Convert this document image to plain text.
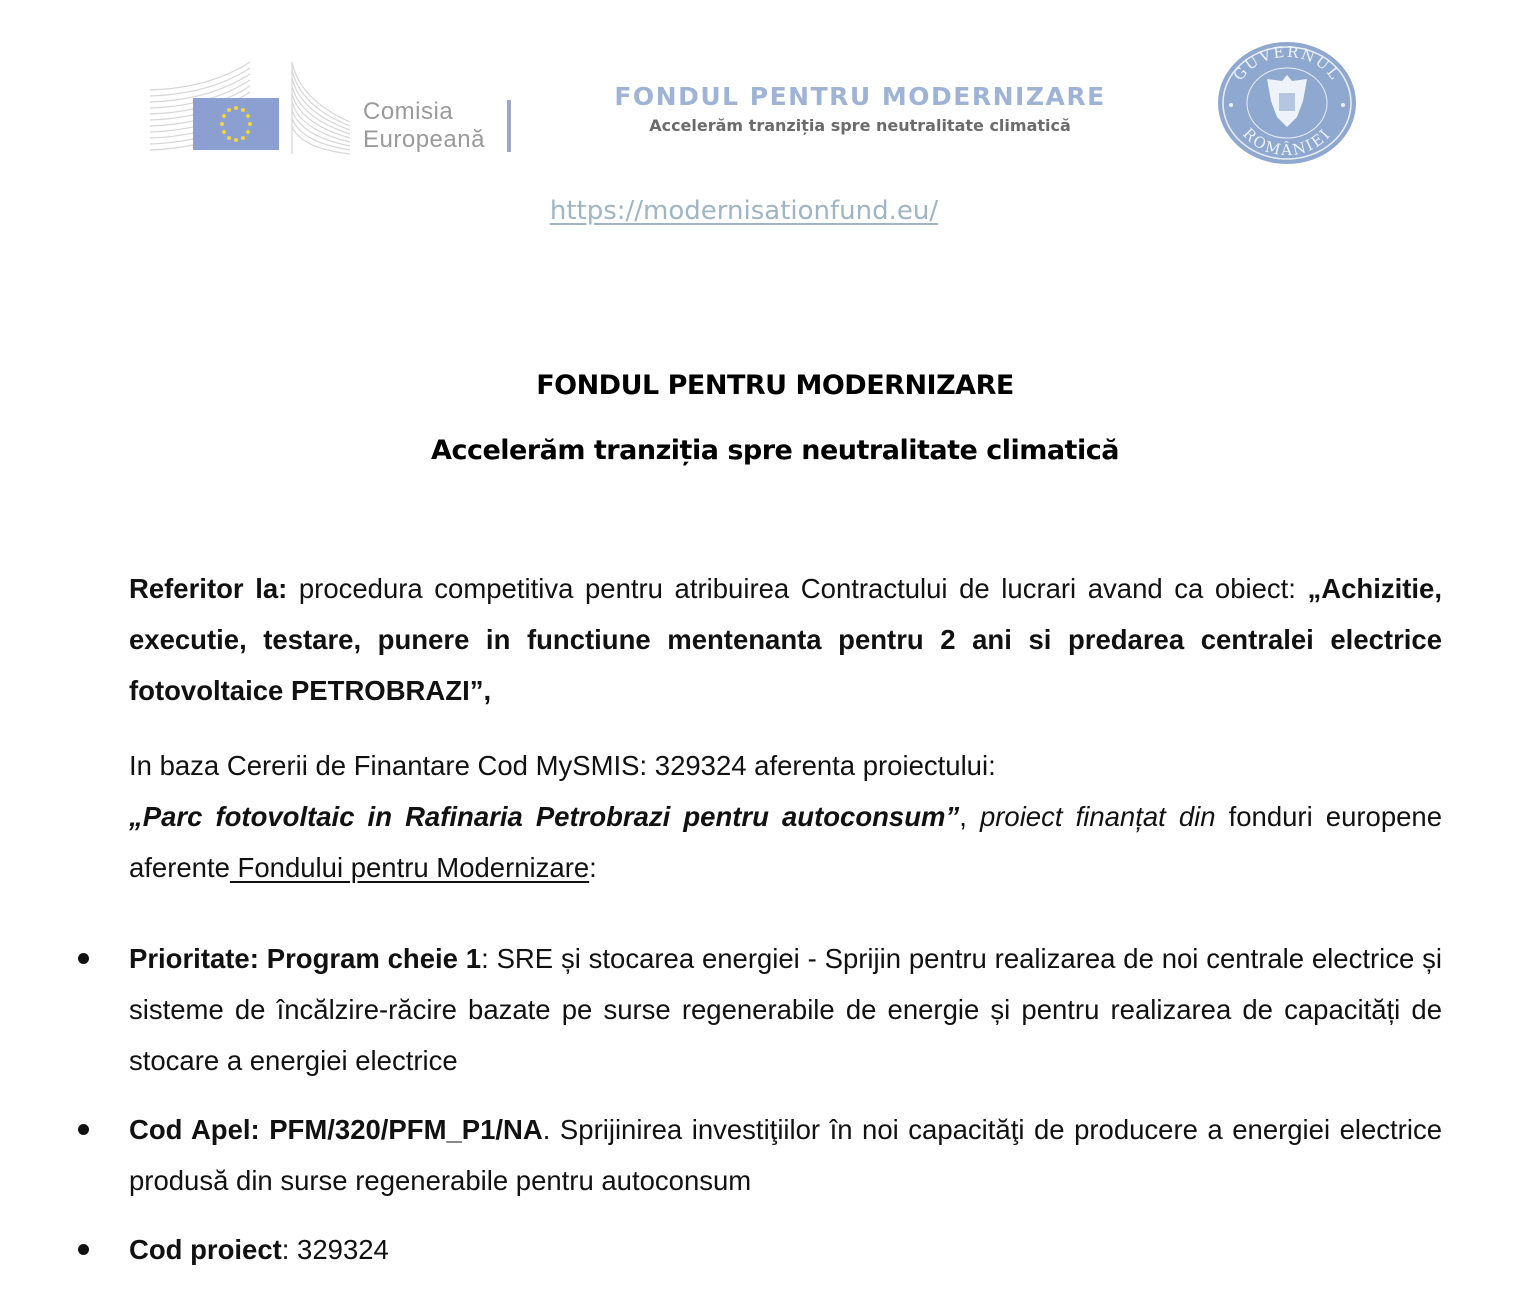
Comisia
Europeană
FONDUL PENTRU MODERNIZARE
Accelerăm tranziția spre neutralitate climatică
GUVERNUL
ROMÂNIEI
https://modernisationfund.eu/
FONDUL PENTRU MODERNIZARE
Accelerăm tranziția spre neutralitate climatică

Referitor la: procedura competitiva pentru atribuirea Contractului de lucrari avand ca obiect: „Achizitie, executie, testare, punere in functiune mentenanta pentru 2 ani si predarea centralei electrice fotovoltaice PETROBRAZI”,

In baza Cererii de Finantare Cod MySMIS: 329324 aferenta proiectului:

„Parc fotovoltaic in Rafinaria Petrobrazi pentru autoconsum”, proiect finanțat din fonduri europene aferente Fondului pentru Modernizare:

Prioritate: Program cheie 1: SRE și stocarea energiei - Sprijin pentru realizarea de noi centrale electrice și sisteme de încălzire-răcire bazate pe surse regenerabile de energie și pentru realizarea de capacități de stocare a energiei electrice
Cod Apel: PFM/320/PFM_P1/NA. Sprijinirea investiţiilor în noi capacităţi de producere a energiei electrice produsă din surse regenerabile pentru autoconsum
Cod proiect: 329324
